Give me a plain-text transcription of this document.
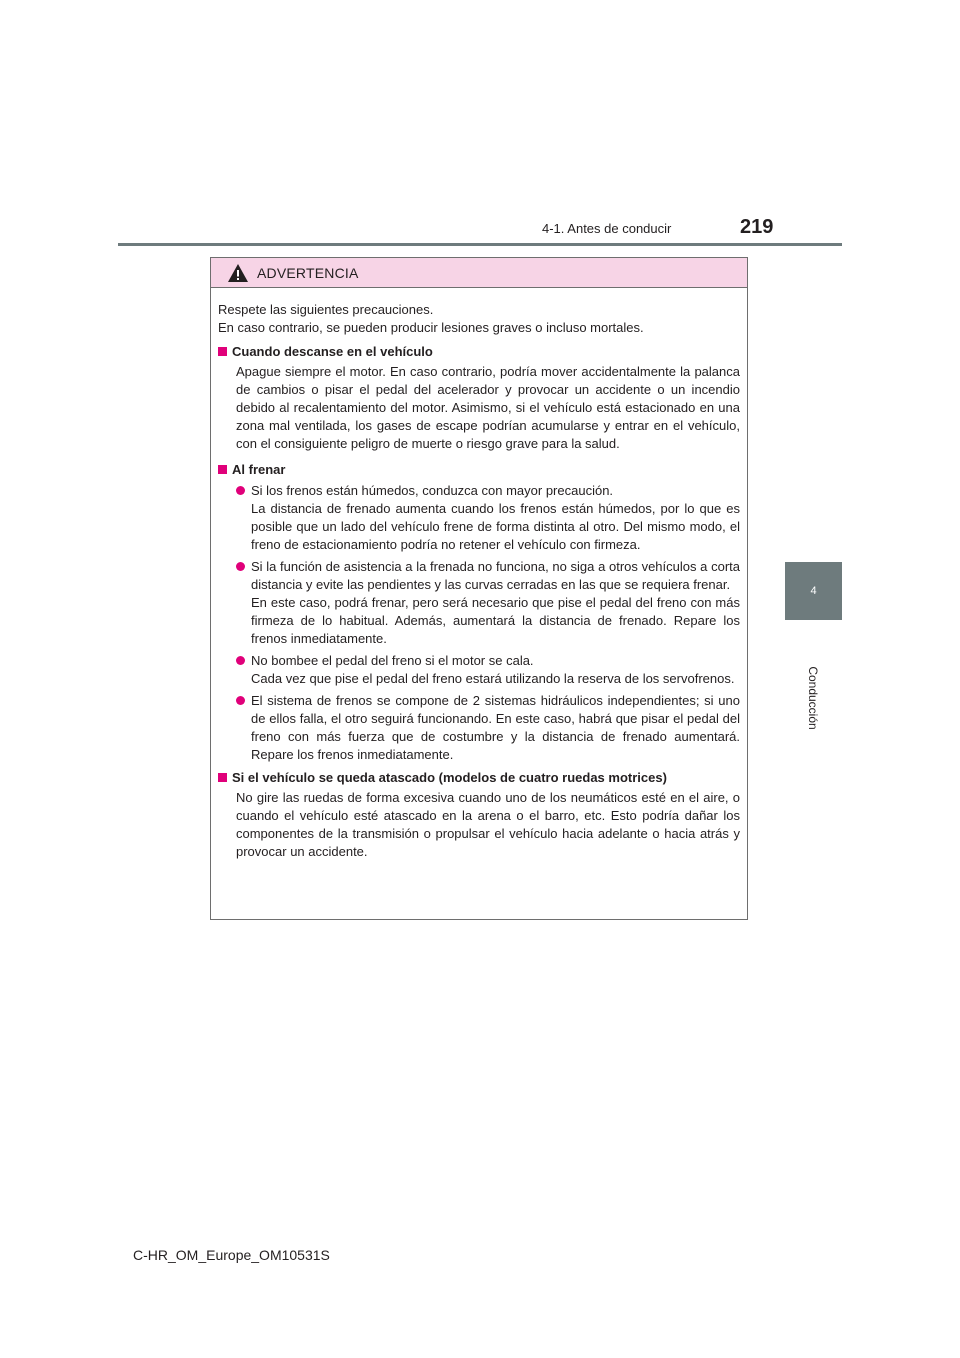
4-1. Antes de conducir	219
4
Conducción
ADVERTENCIA

Respete las siguientes precauciones.

En caso contrario, se pueden producir lesiones graves o incluso mortales.

Cuando descanse en el vehículo

Apague siempre el motor. En caso contrario, podría mover accidentalmente la palanca de cambios o pisar el pedal del acelerador y provocar un accidente o un incendio debido al recalentamiento del motor. Asimismo, si el vehículo está estacionado en una zona mal ventilada, los gases de escape podrían acumularse y entrar en el vehículo, con el consiguiente peligro de muerte o riesgo grave para la salud.

Al frenar

Si los frenos están húmedos, conduzca con mayor precaución.

La distancia de frenado aumenta cuando los frenos están húmedos, por lo que es posible que un lado del vehículo frene de forma distinta al otro. Del mismo modo, el freno de estacionamiento podría no retener el vehículo con firmeza.

Si la función de asistencia a la frenada no funciona, no siga a otros vehículos a corta distancia y evite las pendientes y las curvas cerradas en las que se requiera frenar.

En este caso, podrá frenar, pero será necesario que pise el pedal del freno con más firmeza de lo habitual. Además, aumentará la distancia de frenado. Repare los frenos inmediatamente.

No bombee el pedal del freno si el motor se cala.

Cada vez que pise el pedal del freno estará utilizando la reserva de los servofrenos.

El sistema de frenos se compone de 2 sistemas hidráulicos independientes; si uno de ellos falla, el otro seguirá funcionando. En este caso, habrá que pisar el pedal del freno con más fuerza que de costumbre y la distancia de frenado aumentará. Repare los frenos inmediatamente.

Si el vehículo se queda atascado (modelos de cuatro ruedas motrices)

No gire las ruedas de forma excesiva cuando uno de los neumáticos esté en el aire, o cuando el vehículo esté atascado en la arena o el barro, etc. Esto podría dañar los componentes de la transmisión o propulsar el vehículo hacia adelante o hacia atrás y provocar un accidente.

C-HR_OM_Europe_OM10531S
